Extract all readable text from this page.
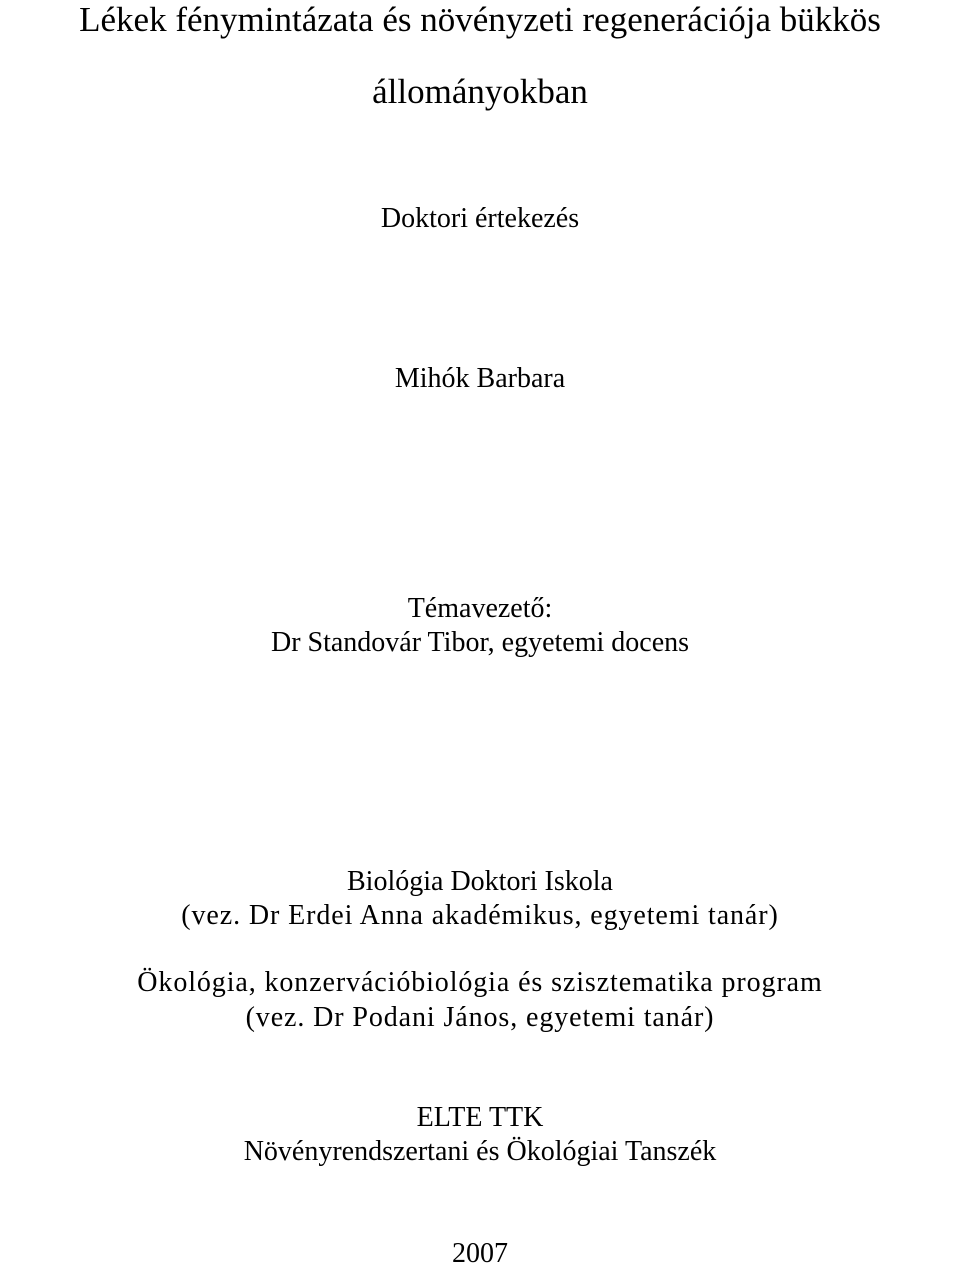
Lékek fénymintázata és növényzeti regenerációja bükkös
állományokban
Doktori értekezés
Mihók Barbara
Témavezető:
Dr Standovár Tibor, egyetemi docens
Biológia Doktori Iskola
(vez. Dr Erdei Anna akadémikus, egyetemi tanár)
Ökológia, konzervációbiológia és szisztematika program
(vez. Dr Podani János, egyetemi tanár)
ELTE TTK
Növényrendszertani és Ökológiai Tanszék
2007
